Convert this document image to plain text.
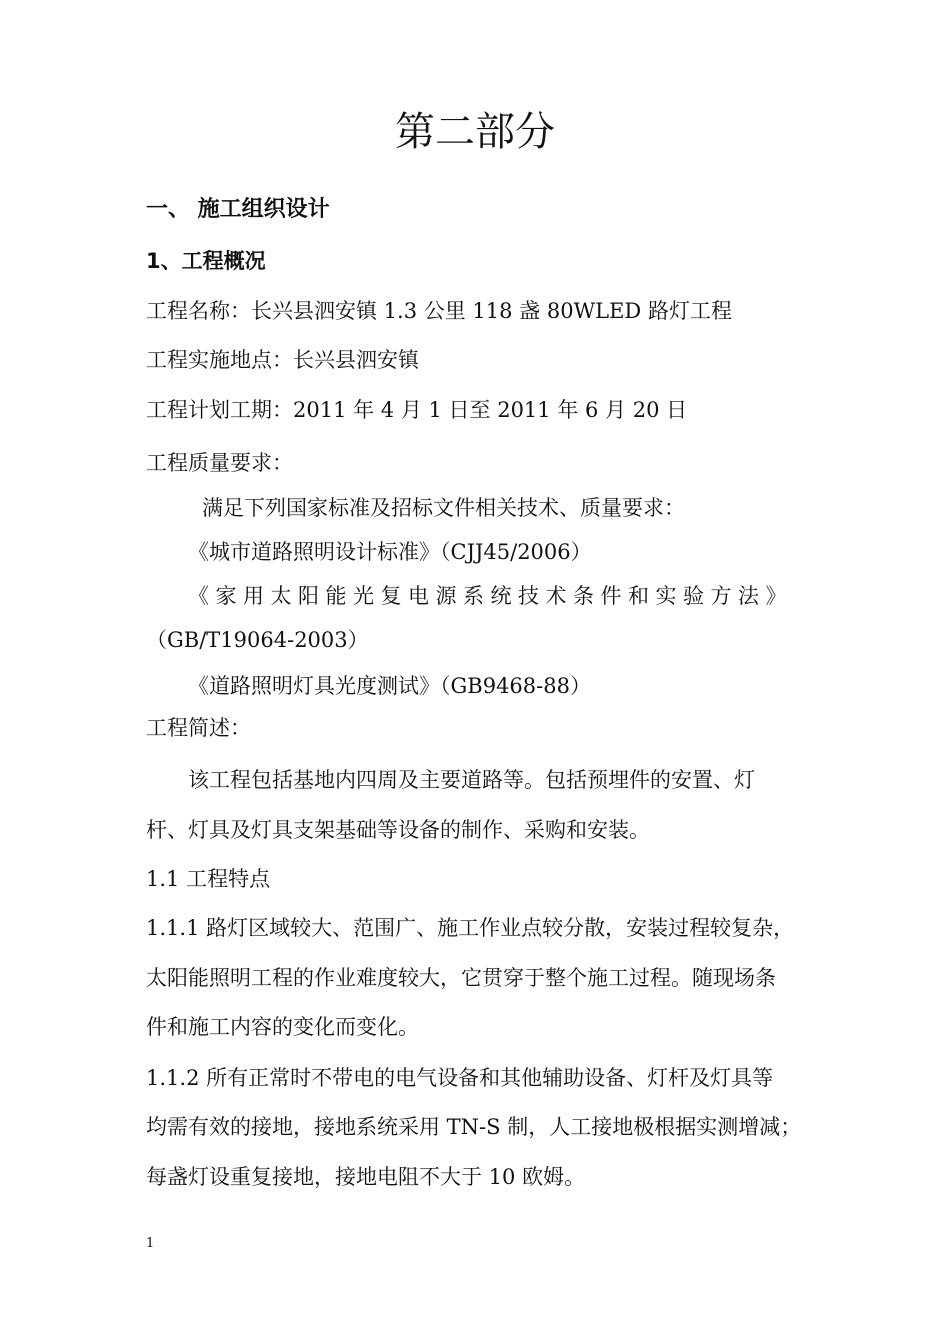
第二部分
一、 施工组织设计
1、工程概况
工程名称：长兴县泗安镇 1.3 公里 118 盏 80WLED 路灯工程
工程实施地点：长兴县泗安镇
工程计划工期：2011 年 4 月 1 日至 2011 年 6 月 20 日
工程质量要求：
满足下列国家标准及招标文件相关技术、质量要求：
《城市道路照明设计标准》（CJJ45/2006）
《家用太阳能光复电源系统技术条件和实验方法》
（GB/T19064-2003）
《道路照明灯具光度测试》（GB9468-88）
工程简述：
该工程包括基地内四周及主要道路等。包括预埋件的安置、灯
杆、灯具及灯具支架基础等设备的制作、采购和安装。
1.1 工程特点
1.1.1 路灯区域较大、范围广、施工作业点较分散，安装过程较复杂，
太阳能照明工程的作业难度较大，它贯穿于整个施工过程。随现场条
件和施工内容的变化而变化。
1.1.2 所有正常时不带电的电气设备和其他辅助设备、灯杆及灯具等
均需有效的接地，接地系统采用 TN-S 制，人工接地极根据实测增减；
每盏灯设重复接地，接地电阻不大于 10 欧姆。
1
